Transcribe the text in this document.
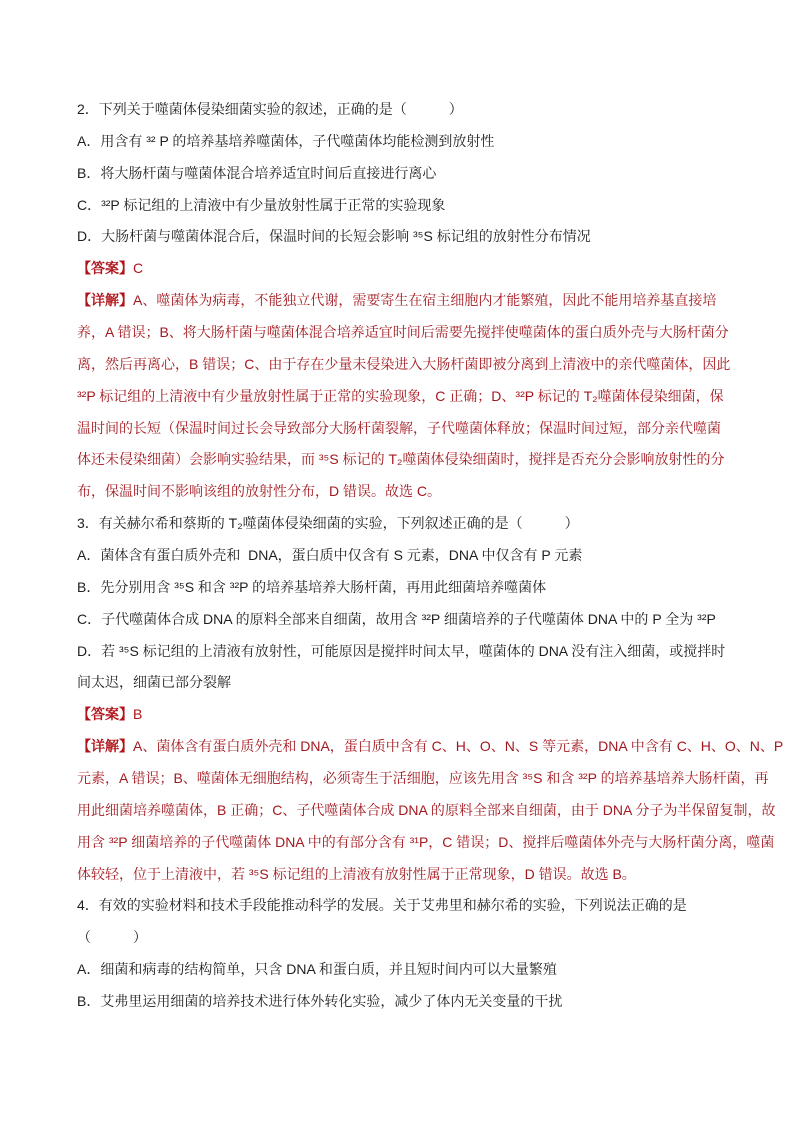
2．下列关于噬菌体侵染细菌实验的叙述，正确的是（　　　）
A．用含有 ³² P 的培养基培养噬菌体，子代噬菌体均能检测到放射性
B．将大肠杆菌与噬菌体混合培养适宜时间后直接进行离心
C．³²P 标记组的上清液中有少量放射性属于正常的实验现象
D．大肠杆菌与噬菌体混合后，保温时间的长短会影响 ³⁵S 标记组的放射性分布情况
【答案】C
【详解】A、噬菌体为病毒，不能独立代谢，需要寄生在宿主细胞内才能繁殖，因此不能用培养基直接培
养，A 错误；B、将大肠杆菌与噬菌体混合培养适宜时间后需要先搅拌使噬菌体的蛋白质外壳与大肠杆菌分
离，然后再离心，B 错误；C、由于存在少量未侵染进入大肠杆菌即被分离到上清液中的亲代噬菌体，因此
³²P 标记组的上清液中有少量放射性属于正常的实验现象，C 正确；D、³²P 标记的 T₂噬菌体侵染细菌，保
温时间的长短（保温时间过长会导致部分大肠杆菌裂解，子代噬菌体释放；保温时间过短，部分亲代噬菌
体还未侵染细菌）会影响实验结果，而 ³⁵S 标记的 T₂噬菌体侵染细菌时，搅拌是否充分会影响放射性的分
布，保温时间不影响该组的放射性分布，D 错误。故选 C。
3．有关赫尔希和蔡斯的 T₂噬菌体侵染细菌的实验，下列叙述正确的是（　　　）
A．菌体含有蛋白质外壳和  DNA，蛋白质中仅含有 S 元素，DNA 中仅含有 P 元素
B．先分别用含 ³⁵S 和含 ³²P 的培养基培养大肠杆菌，再用此细菌培养噬菌体
C．子代噬菌体合成 DNA 的原料全部来自细菌，故用含 ³²P 细菌培养的子代噬菌体 DNA 中的 P 全为 ³²P
D．若 ³⁵S 标记组的上清液有放射性，可能原因是搅拌时间太早，噬菌体的 DNA 没有注入细菌，或搅拌时
间太迟，细菌已部分裂解
【答案】B
【详解】A、菌体含有蛋白质外壳和 DNA，蛋白质中含有 C、H、O、N、S 等元素，DNA 中含有 C、H、O、N、P
元素，A 错误；B、噬菌体无细胞结构，必须寄生于活细胞，应该先用含 ³⁵S 和含 ³²P 的培养基培养大肠杆菌，再
用此细菌培养噬菌体，B 正确；C、子代噬菌体合成 DNA 的原料全部来自细菌，由于 DNA 分子为半保留复制，故
用含 ³²P 细菌培养的子代噬菌体 DNA 中的有部分含有 ³¹P，C 错误；D、搅拌后噬菌体外壳与大肠杆菌分离，噬菌
体较轻，位于上清液中，若 ³⁵S 标记组的上清液有放射性属于正常现象，D 错误。故选 B。
4．有效的实验材料和技术手段能推动科学的发展。关于艾弗里和赫尔希的实验，下列说法正确的是
（　　　）
A．细菌和病毒的结构简单，只含 DNA 和蛋白质，并且短时间内可以大量繁殖
B．艾弗里运用细菌的培养技术进行体外转化实验，减少了体内无关变量的干扰
